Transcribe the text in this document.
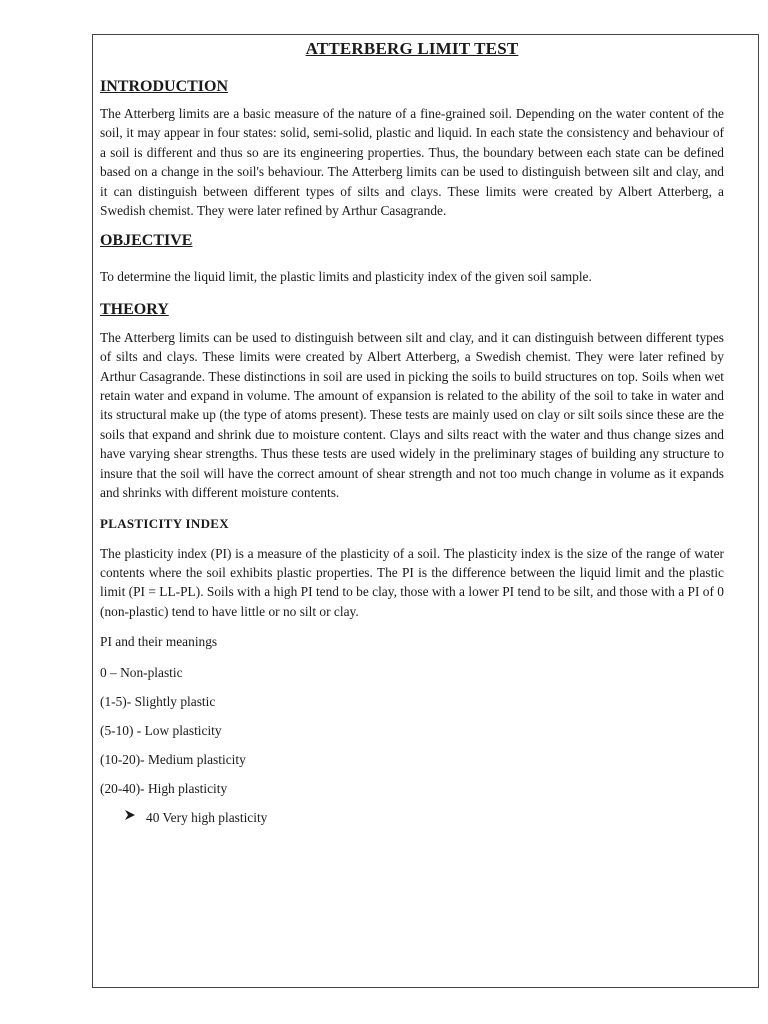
ATTERBERG LIMIT TEST
INTRODUCTION

The Atterberg limits are a basic measure of the nature of a fine-grained soil. Depending on the water content of the soil, it may appear in four states: solid, semi-solid, plastic and liquid. In each state the consistency and behaviour of a soil is different and thus so are its engineering properties. Thus, the boundary between each state can be defined based on a change in the soil's behaviour. The Atterberg limits can be used to distinguish between silt and clay, and it can distinguish between different types of silts and clays. These limits were created by Albert Atterberg, a Swedish chemist. They were later refined by Arthur Casagrande.

OBJECTIVE

To determine the liquid limit, the plastic limits and plasticity index of the given soil sample.

THEORY

The Atterberg limits can be used to distinguish between silt and clay, and it can distinguish between different types of silts and clays. These limits were created by Albert Atterberg, a Swedish chemist. They were later refined by Arthur Casagrande. These distinctions in soil are used in picking the soils to build structures on top. Soils when wet retain water and expand in volume. The amount of expansion is related to the ability of the soil to take in water and its structural make up (the type of atoms present). These tests are mainly used on clay or silt soils since these are the soils that expand and shrink due to moisture content. Clays and silts react with the water and thus change sizes and have varying shear strengths. Thus these tests are used widely in the preliminary stages of building any structure to insure that the soil will have the correct amount of shear strength and not too much change in volume as it expands and shrinks with different moisture contents.

PLASTICITY INDEX

The plasticity index (PI) is a measure of the plasticity of a soil. The plasticity index is the size of the range of water contents where the soil exhibits plastic properties. The PI is the difference between the liquid limit and the plastic limit (PI = LL-PL). Soils with a high PI tend to be clay, those with a lower PI tend to be silt, and those with a PI of 0 (non-plastic) tend to have little or no silt or clay.

PI and their meanings

0 – Non-plastic

(1-5)- Slightly plastic

(5-10) - Low plasticity

(10-20)- Medium plasticity

(20-40)- High plasticity

40 Very high plasticity
